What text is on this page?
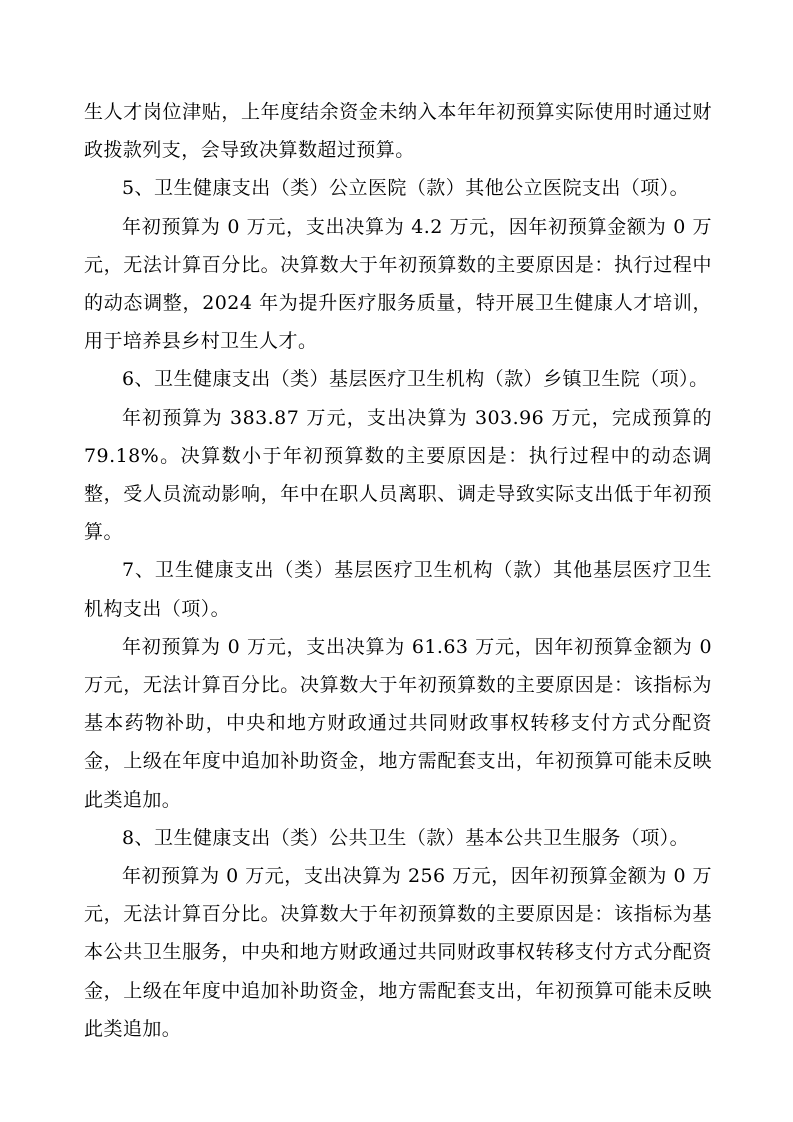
生人才岗位津贴，上年度结余资金未纳入本年年初预算实际使用时通过财政拨款列支，会导致决算数超过预算。

5、卫生健康支出（类）公立医院（款）其他公立医院支出（项）。

年初预算为 0 万元，支出决算为 4.2 万元，因年初预算金额为 0 万元，无法计算百分比。决算数大于年初预算数的主要原因是：执行过程中的动态调整，2024 年为提升医疗服务质量，特开展卫生健康人才培训，用于培养县乡村卫生人才。

6、卫生健康支出（类）基层医疗卫生机构（款）乡镇卫生院（项）。

年初预算为 383.87 万元，支出决算为 303.96 万元，完成预算的 79.18%。决算数小于年初预算数的主要原因是：执行过程中的动态调整，受人员流动影响，年中在职人员离职、调走导致实际支出低于年初预算。

7、卫生健康支出（类）基层医疗卫生机构（款）其他基层医疗卫生机构支出（项）。

年初预算为 0 万元，支出决算为 61.63 万元，因年初预算金额为 0 万元，无法计算百分比。决算数大于年初预算数的主要原因是：该指标为基本药物补助，中央和地方财政通过共同财政事权转移支付方式分配资金，上级在年度中追加补助资金，地方需配套支出，年初预算可能未反映此类追加。

8、卫生健康支出（类）公共卫生（款）基本公共卫生服务（项）。

年初预算为 0 万元，支出决算为 256 万元，因年初预算金额为 0 万元，无法计算百分比。决算数大于年初预算数的主要原因是：该指标为基本公共卫生服务，中央和地方财政通过共同财政事权转移支付方式分配资金，上级在年度中追加补助资金，地方需配套支出，年初预算可能未反映此类追加。
